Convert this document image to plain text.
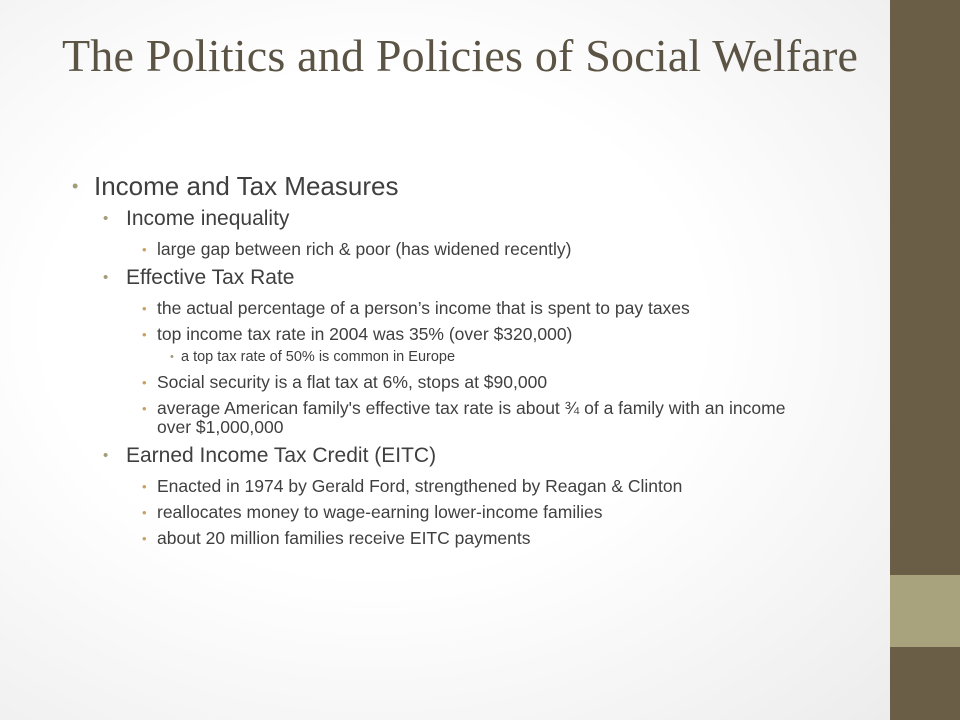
The Politics and Policies of Social Welfare
• Income and Tax Measures
• Income inequality
• large gap between rich & poor (has widened recently)
• Effective Tax Rate
• the actual percentage of a person’s income that is spent to pay taxes
• top income tax rate in 2004 was 35% (over $320,000)
• a top tax rate of 50% is common in Europe
• Social security is a flat tax at 6%, stops at $90,000
• average American family's effective tax rate is about ¾ of a family with an income over $1,000,000
• Earned Income Tax Credit (EITC)
• Enacted in 1974 by Gerald Ford, strengthened by Reagan & Clinton
• reallocates money to wage-earning lower-income families
• about 20 million families receive EITC payments
